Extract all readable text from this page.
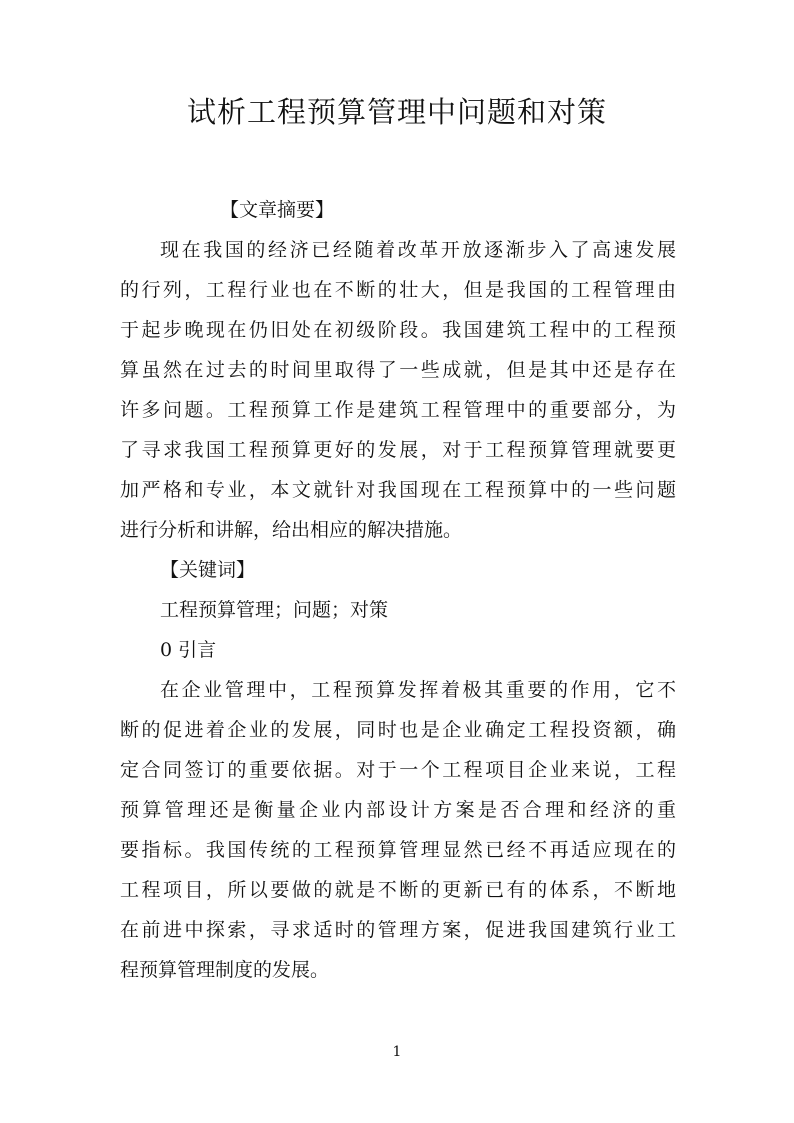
试析工程预算管理中问题和对策
【文章摘要】
现在我国的经济已经随着改革开放逐渐步入了高速发展
的行列，工程行业也在不断的壮大，但是我国的工程管理由
于起步晚现在仍旧处在初级阶段。我国建筑工程中的工程预
算虽然在过去的时间里取得了一些成就，但是其中还是存在
许多问题。工程预算工作是建筑工程管理中的重要部分，为
了寻求我国工程预算更好的发展，对于工程预算管理就要更
加严格和专业，本文就针对我国现在工程预算中的一些问题
进行分析和讲解，给出相应的解决措施。
【关键词】
工程预算管理；问题；对策
0 引言
在企业管理中，工程预算发挥着极其重要的作用，它不
断的促进着企业的发展，同时也是企业确定工程投资额，确
定合同签订的重要依据。对于一个工程项目企业来说，工程
预算管理还是衡量企业内部设计方案是否合理和经济的重
要指标。我国传统的工程预算管理显然已经不再适应现在的
工程项目，所以要做的就是不断的更新已有的体系，不断地
在前进中探索，寻求适时的管理方案，促进我国建筑行业工
程预算管理制度的发展。
1
